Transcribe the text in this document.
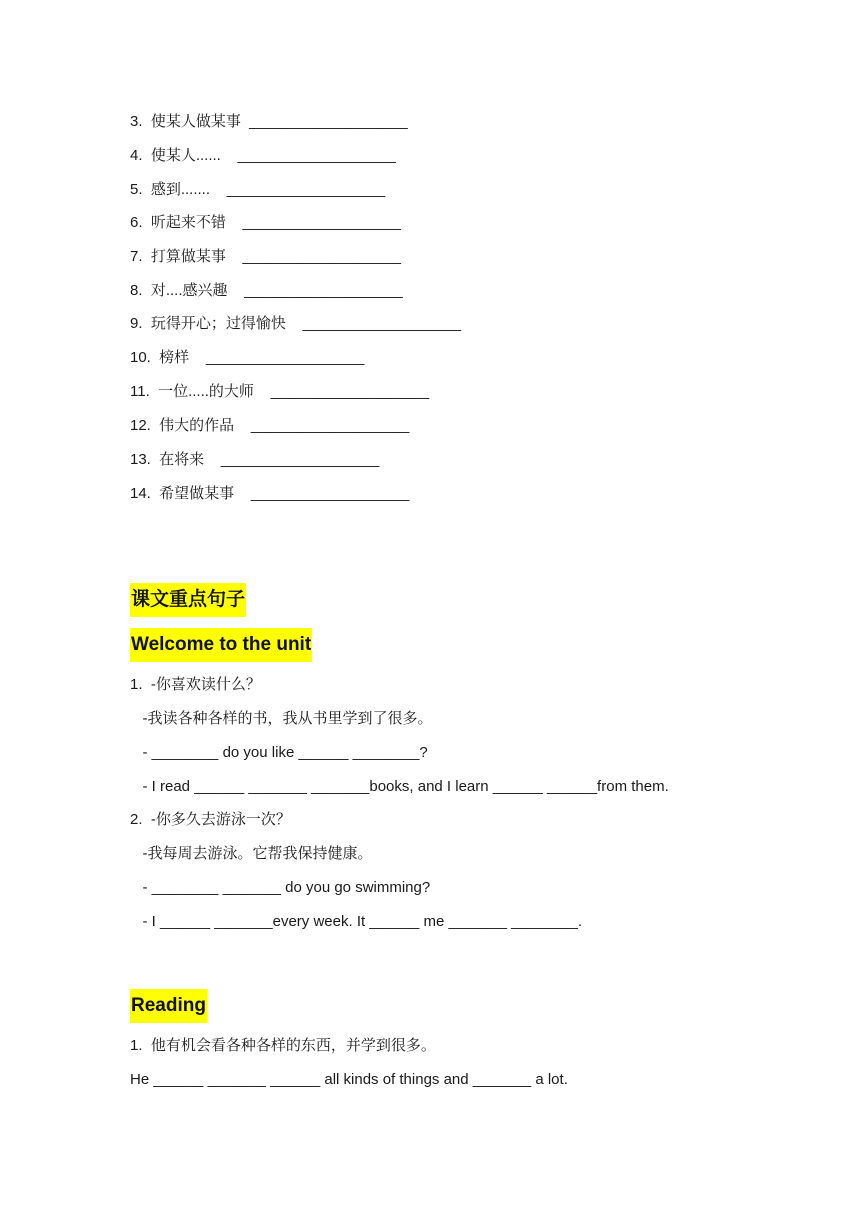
3.  使某人做某事  ___________________
4.  使某人......    ___________________
5.  感到.......    ___________________
6.  听起来不错    ___________________
7.  打算做某事    ___________________
8.  对....感兴趣    ___________________
9.  玩得开心；过得愉快    ___________________
10.  榜样    ___________________
11.  一位.....的大师    ___________________
12.  伟大的作品    ___________________
13.  在将来    ___________________
14.  希望做某事    ___________________
课文重点句子
Welcome to the unit
1.  -你喜欢读什么？
-我读各种各样的书，我从书里学到了很多。
- ________ do you like ______ ________?
- I read ______ _______ _______books, and I learn ______ ______from them.
2.  -你多久去游泳一次？
-我每周去游泳。它帮我保持健康。
- ________ _______ do you go swimming?
- I ______ _______every week. It ______ me _______ ________.
Reading
1.  他有机会看各种各样的东西，并学到很多。
He ______ _______ ______ all kinds of things and _______ a lot.
